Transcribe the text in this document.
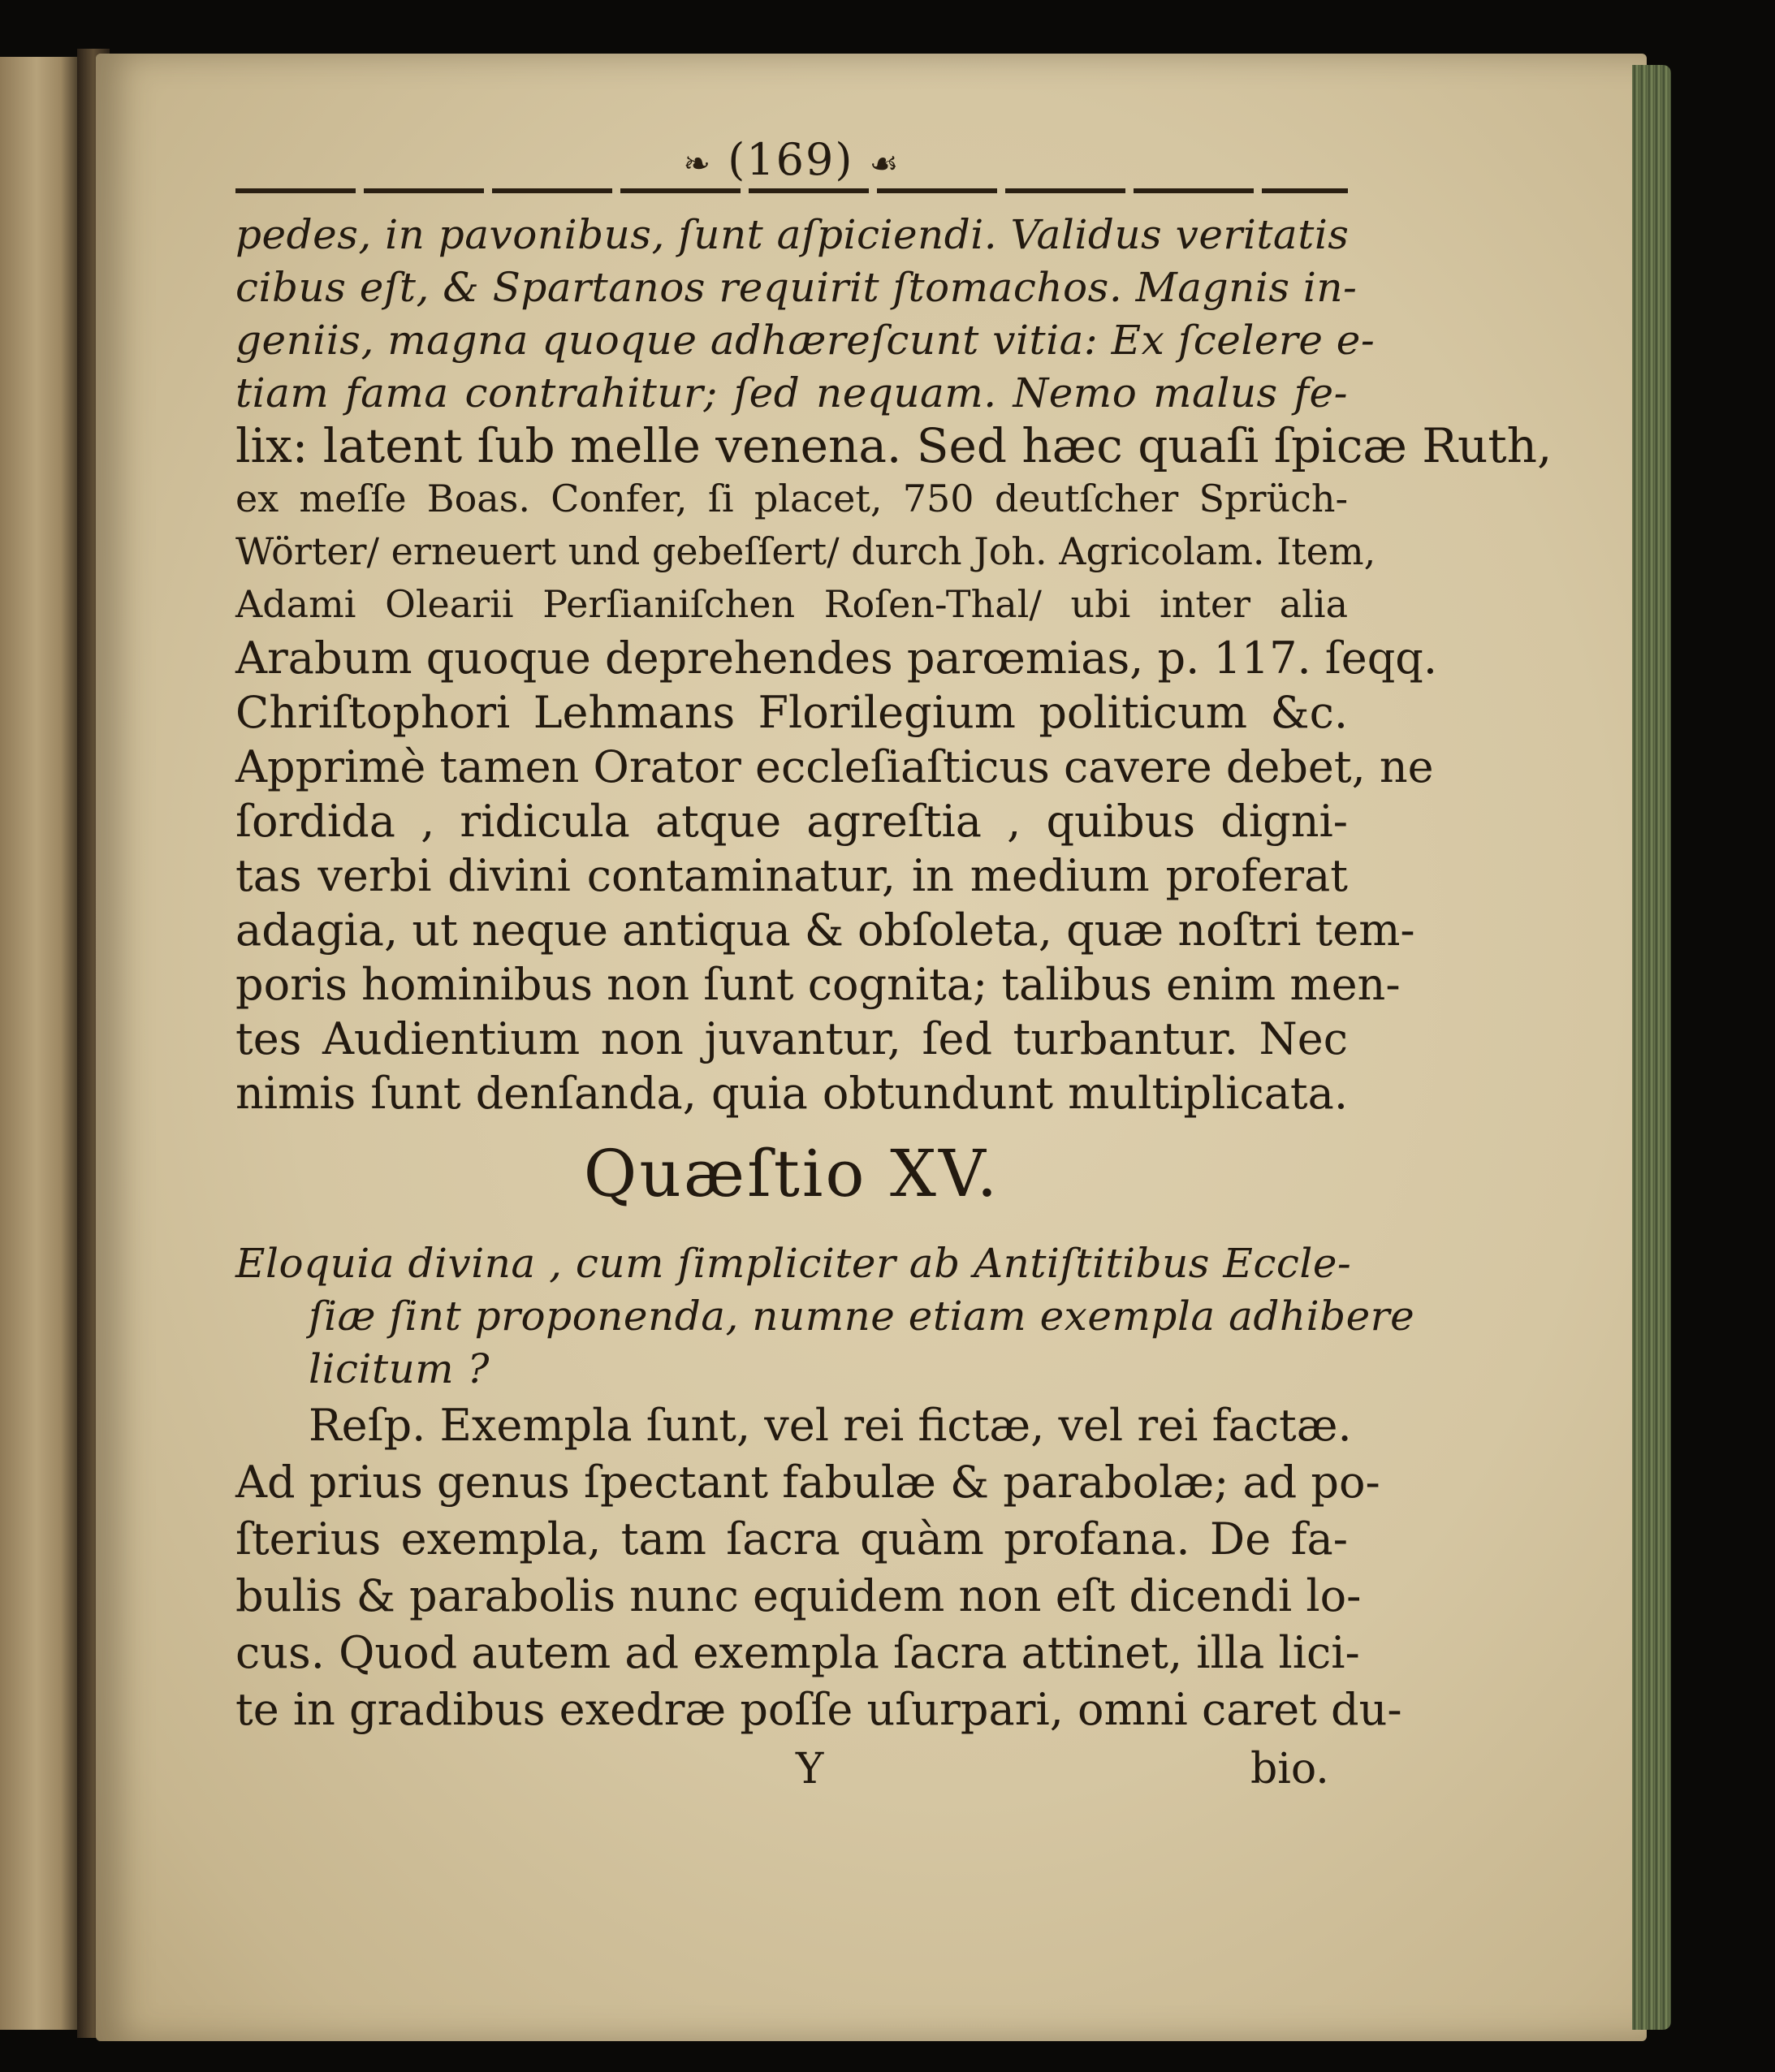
❧ (169) ☙
pedes, in pavonibus, ſunt aſpiciendi. Validus veritatis
cibus eſt, & Spartanos requirit ſtomachos. Magnis in-
geniis, magna quoque adhæreſcunt vitia: Ex ſcelere e-
tiam fama contrahitur; ſed nequam. Nemo malus fe-
lix: latent ſub melle venena. Sed hæc quaſi ſpicæ Ruth,
ex meſſe Boas. Confer, ſi placet, 750 deutſcher Sprüch-
Wörter/ erneuert und gebeſſert/ durch Joh. Agricolam. Item,
Adami Olearii Perſianiſchen Roſen-Thal/ ubi inter alia
Arabum quoque deprehendes parœmias, p. 117. ſeqq.
Chriſtophori Lehmans Florilegium politicum &c.
Apprimè tamen Orator eccleſiaſticus cavere debet, ne
ſordida , ridicula atque agreſtia , quibus digni-
tas verbi divini contaminatur, in medium proferat
adagia, ut neque antiqua & obſoleta, quæ noſtri tem-
poris hominibus non ſunt cognita; talibus enim men-
tes Audientium non juvantur, ſed turbantur. Nec
nimis ſunt denſanda, quia obtundunt multiplicata.
Quæſtio XV.
Eloquia divina , cum ſimpliciter ab Antiſtitibus Eccle-
ſiæ ſint proponenda, numne etiam exempla adhibere
licitum ?
Reſp. Exempla ſunt, vel rei fictæ, vel rei factæ.
Ad prius genus ſpectant fabulæ & parabolæ; ad po-
ſterius exempla, tam ſacra quàm profana. De fa-
bulis & parabolis nunc equidem non eſt dicendi lo-
cus. Quod autem ad exempla ſacra attinet, illa lici-
te in gradibus exedræ poſſe uſurpari, omni caret du-
Y	bio.
